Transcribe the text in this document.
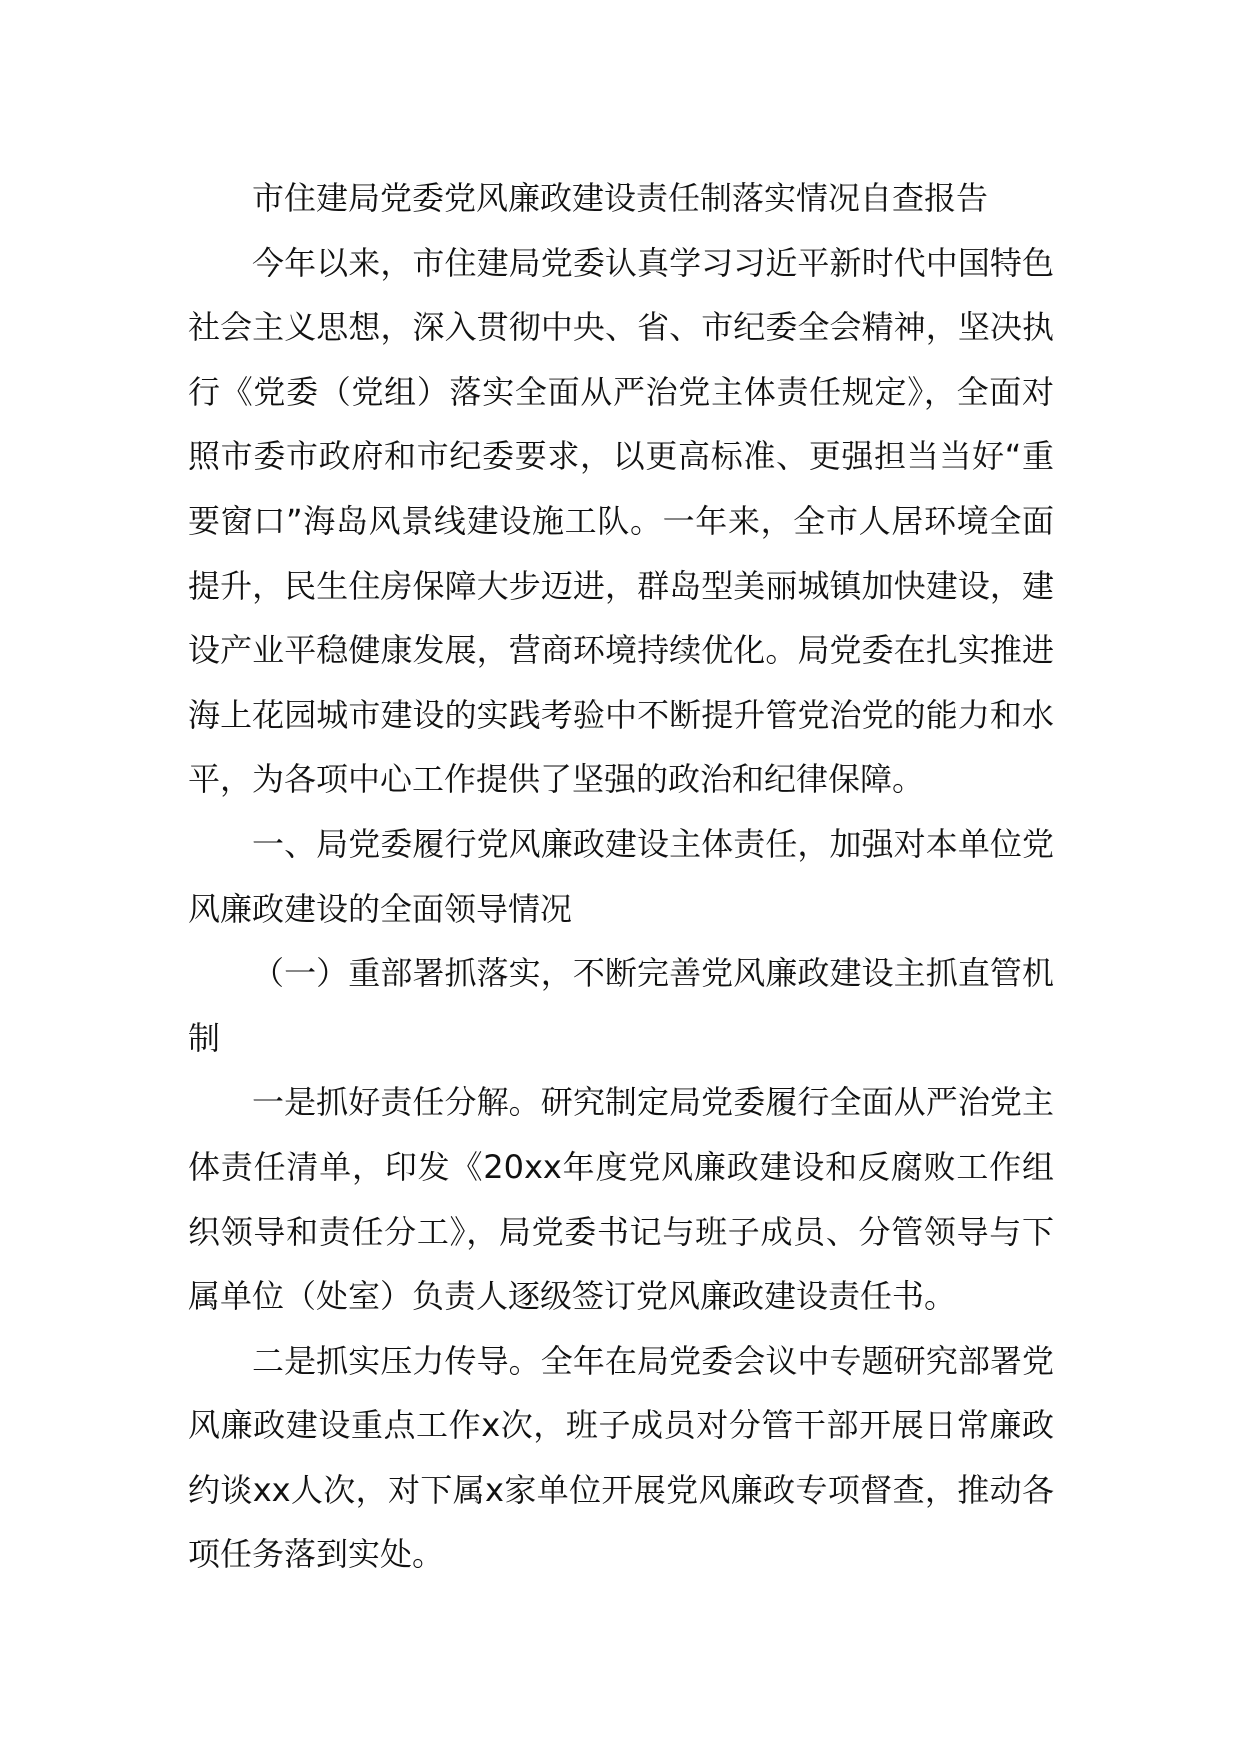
市住建局党委党风廉政建设责任制落实情况自查报告

今年以来，市住建局党委认真学习习近平新时代中国特色社会主义思想，深入贯彻中央、省、市纪委全会精神，坚决执行《党委（党组）落实全面从严治党主体责任规定》，全面对照市委市政府和市纪委要求，以更高标准、更强担当当好“重要窗口”海岛风景线建设施工队。一年来，全市人居环境全面提升，民生住房保障大步迈进，群岛型美丽城镇加快建设，建设产业平稳健康发展，营商环境持续优化。局党委在扎实推进海上花园城市建设的实践考验中不断提升管党治党的能力和水平，为各项中心工作提供了坚强的政治和纪律保障。

一、局党委履行党风廉政建设主体责任，加强对本单位党风廉政建设的全面领导情况

（一）重部署抓落实，不断完善党风廉政建设主抓直管机制

一是抓好责任分解。研究制定局党委履行全面从严治党主体责任清单，印发《20xx年度党风廉政建设和反腐败工作组织领导和责任分工》，局党委书记与班子成员、分管领导与下属单位（处室）负责人逐级签订党风廉政建设责任书。

二是抓实压力传导。全年在局党委会议中专题研究部署党风廉政建设重点工作x次，班子成员对分管干部开展日常廉政约谈xx人次，对下属x家单位开展党风廉政专项督查，推动各项任务落到实处。
